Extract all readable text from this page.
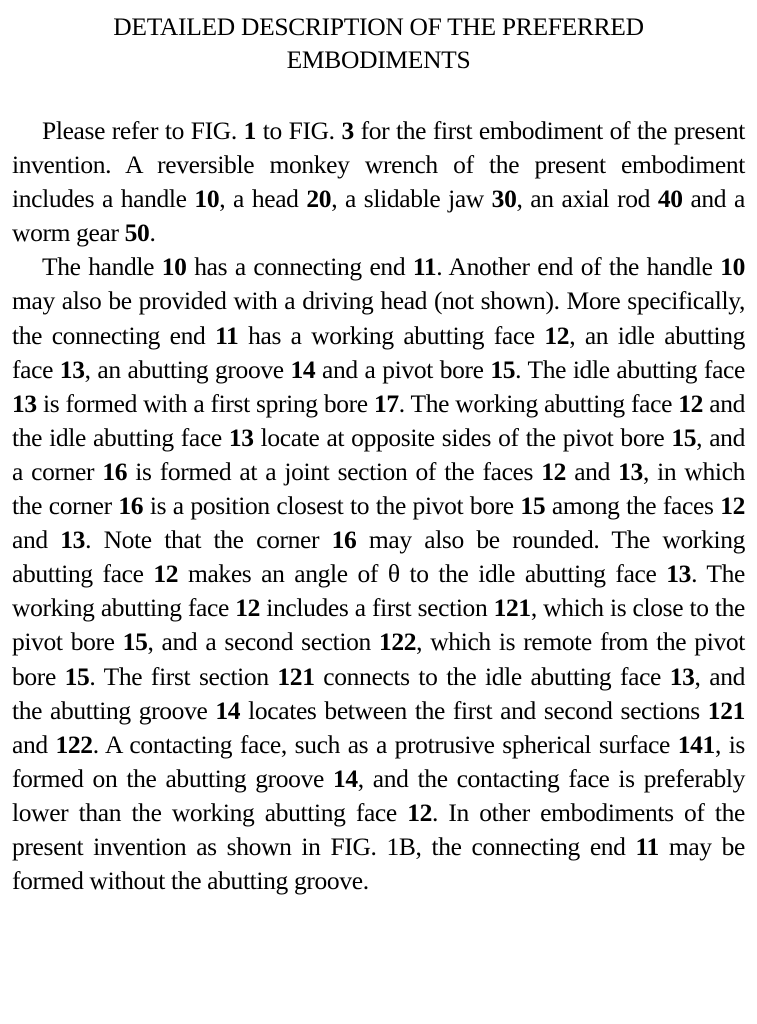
DETAILED DESCRIPTION OF THE PREFERRED
EMBODIMENTS

Please refer to FIG. 1 to FIG. 3 for the first embodiment of the present invention. A reversible monkey wrench of the present embodiment includes a handle 10, a head 20, a slidable jaw 30, an axial rod 40 and a worm gear 50.

The handle 10 has a connecting end 11. Another end of the handle 10 may also be provided with a driving head (not shown). More specifically, the connecting end 11 has a working abutting face 12, an idle abutting face 13, an abutting groove 14 and a pivot bore 15. The idle abutting face 13 is formed with a first spring bore 17. The working abutting face 12 and the idle abutting face 13 locate at opposite sides of the pivot bore 15, and a corner 16 is formed at a joint section of the faces 12 and 13, in which the corner 16 is a position closest to the pivot bore 15 among the faces 12 and 13. Note that the corner 16 may also be rounded. The working abutting face 12 makes an angle of θ to the idle abutting face 13. The working abutting face 12 includes a first section 121, which is close to the pivot bore 15, and a second section 122, which is remote from the pivot bore 15. The first section 121 connects to the idle abutting face 13, and the abutting groove 14 locates between the first and second sections 121 and 122. A contacting face, such as a protrusive spherical surface 141, is formed on the abutting groove 14, and the contacting face is preferably lower than the working abutting face 12. In other embodiments of the present invention as shown in FIG. 1B, the connecting end 11 may be formed without the abutting groove.
